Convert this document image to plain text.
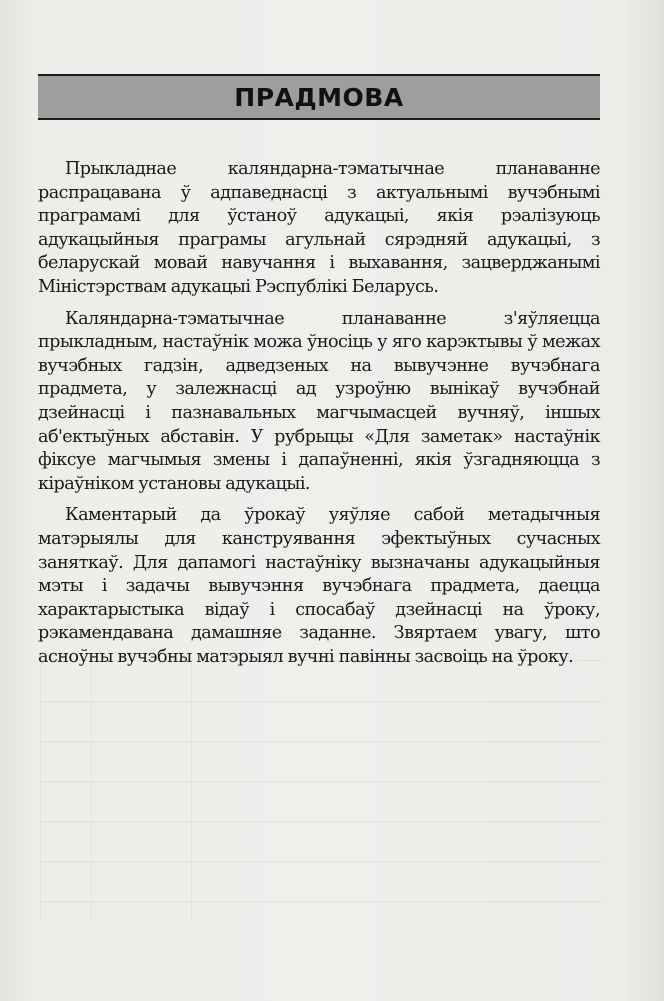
ПРАДМОВА

Прыкладнае каляндарна-тэматычнае планаванне распрацавана ў адпаведнасці з актуальнымі вучэбнымі праграмамі для ўстаноў адукацыі, якія рэалізуюць адукацыйныя праграмы агульнай сярэдняй адукацыі, з беларускай мовай навучання і выхавання, зацверджанымі Міністэрствам адукацыі Рэспублікі Беларусь.

Каляндарна-тэматычнае планаванне з'яўляецца прыкладным, настаўнік можа ўносіць у яго карэктывы ў межах вучэбных гадзін, адведзеных на вывучэнне вучэбнага прадмета, у залежнасці ад узроўню вынікаў вучэбнай дзейнасці і пазнавальных магчымасцей вучняў, іншых аб'ектыўных абставін. У рубрыцы «Для заметак» настаўнік фіксуе магчымыя змены і дапаўненні, якія ўзгадняюцца з кіраўніком установы адукацыі.

Каментарый да ўрокаў уяўляе сабой метадычныя матэрыялы для канструявання эфектыўных сучасных заняткаў. Для дапамогі настаўніку вызначаны адукацыйныя мэты і задачы вывучэння вучэбнага прадмета, даецца характарыстыка відаў і спосабаў дзейнасці на ўроку, рэкамендавана дамашняе заданне. Звяртаем увагу, што асноўны вучэбны матэрыял вучні павінны засвоіць на ўроку.
